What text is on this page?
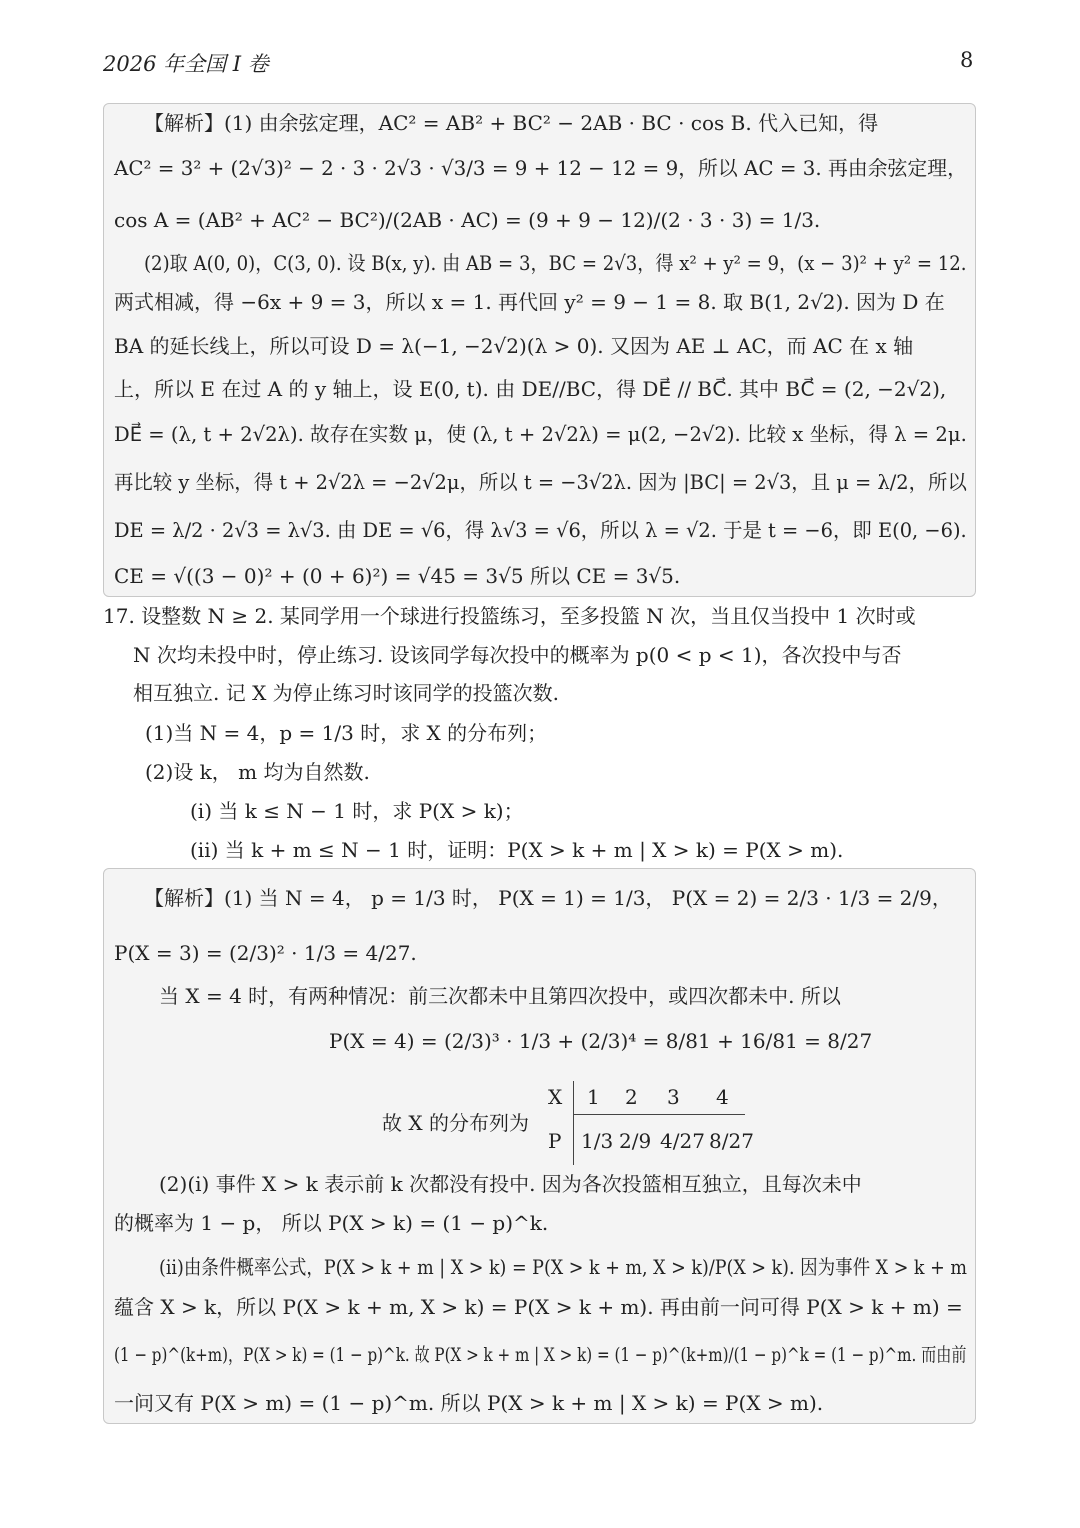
2026 年全国 I 卷	8
【解析】(1) 由余弦定理，AC² = AB² + BC² − 2AB · BC · cos B. 代入已知，得
AC² = 3² + (2√3)² − 2 · 3 · 2√3 · √3/3 = 9 + 12 − 12 = 9，所以 AC = 3. 再由余弦定理，
cos A = (AB² + AC² − BC²)/(2AB · AC) = (9 + 9 − 12)/(2 · 3 · 3) = 1/3.
(2)取 A(0, 0)，C(3, 0). 设 B(x, y). 由 AB = 3，BC = 2√3，得 x² + y² = 9，(x − 3)² + y² = 12.
两式相减，得 −6x + 9 = 3，所以 x = 1. 再代回 y² = 9 − 1 = 8. 取 B(1, 2√2). 因为 D 在
BA 的延长线上，所以可设 D = λ(−1, −2√2)(λ > 0). 又因为 AE ⊥ AC，而 AC 在 x 轴
上，所以 E 在过 A 的 y 轴上，设 E(0, t). 由 DE//BC，得 DE⃗ // BC⃗. 其中 BC⃗ = (2, −2√2),
DE⃗ = (λ, t + 2√2λ). 故存在实数 μ，使 (λ, t + 2√2λ) = μ(2, −2√2). 比较 x 坐标，得 λ = 2μ.
再比较 y 坐标，得 t + 2√2λ = −2√2μ，所以 t = −3√2λ. 因为 |BC| = 2√3，且 μ = λ/2，所以
DE = λ/2 · 2√3 = λ√3. 由 DE = √6，得 λ√3 = √6，所以 λ = √2. 于是 t = −6，即 E(0, −6).
CE = √((3 − 0)² + (0 + 6)²) = √45 = 3√5 所以 CE = 3√5.
17. 设整数 N ≥ 2. 某同学用一个球进行投篮练习，至多投篮 N 次，当且仅当投中 1 次时或
N 次均未投中时，停止练习. 设该同学每次投中的概率为 p(0 < p < 1)，各次投中与否
相互独立. 记 X 为停止练习时该同学的投篮次数.
(1)当 N = 4，p = 1/3 时，求 X 的分布列；
(2)设 k， m 均为自然数.
(i) 当 k ≤ N − 1 时，求 P(X > k)；
(ii) 当 k + m ≤ N − 1 时，证明：P(X > k + m | X > k) = P(X > m).
【解析】(1) 当 N = 4， p = 1/3 时， P(X = 1) = 1/3， P(X = 2) = 2/3 · 1/3 = 2/9，
P(X = 3) = (2/3)² · 1/3 = 4/27.
当 X = 4 时，有两种情况：前三次都未中且第四次投中，或四次都未中. 所以
P(X = 4) = (2/3)³ · 1/3 + (2/3)⁴ = 8/81 + 16/81 = 8/27
故 X 的分布列为
X
P
1 2 3 4
1/3 2/9 4/27 8/27
(2)(i) 事件 X > k 表示前 k 次都没有投中. 因为各次投篮相互独立，且每次未中
的概率为 1 − p， 所以 P(X > k) = (1 − p)^k.
(ii)由条件概率公式，P(X > k + m | X > k) = P(X > k + m, X > k)/P(X > k). 因为事件 X > k + m
蕴含 X > k，所以 P(X > k + m, X > k) = P(X > k + m). 再由前一问可得 P(X > k + m) =
(1 − p)^(k+m)，P(X > k) = (1 − p)^k. 故 P(X > k + m | X > k) = (1 − p)^(k+m)/(1 − p)^k = (1 − p)^m. 而由前
一问又有 P(X > m) = (1 − p)^m. 所以 P(X > k + m | X > k) = P(X > m).
